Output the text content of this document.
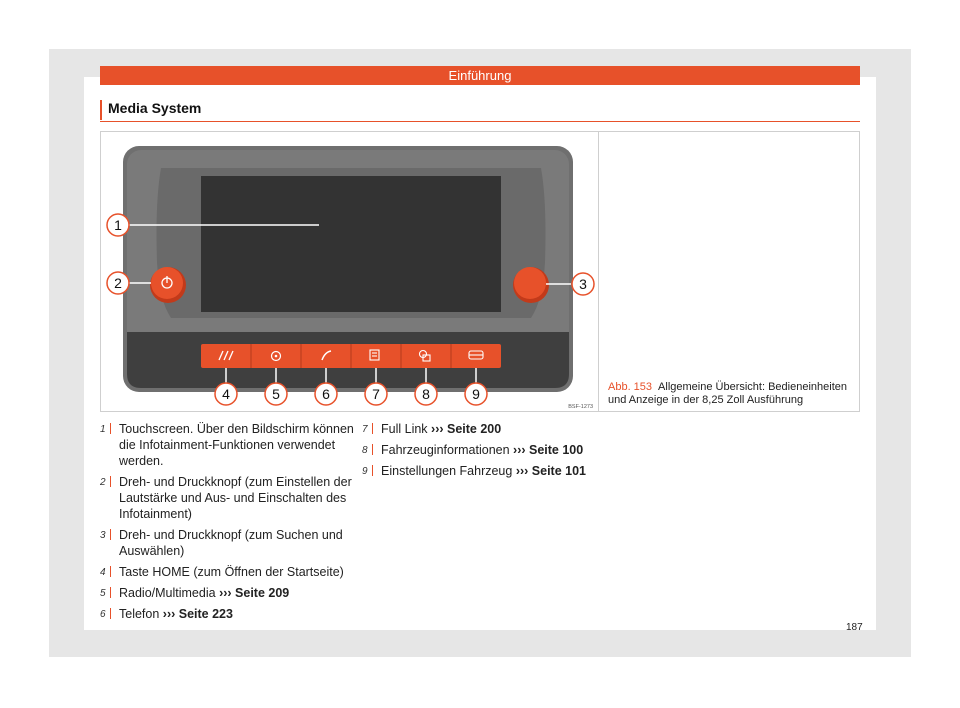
Einführung
Media System
1
2	3
4	5	6	7	8	9
BSF-1273
Abb. 153 Allgemeine Übersicht: Bedieneinheiten und Anzeige in der 8,25 Zoll Ausführung
1 Touchscreen. Über den Bildschirm können die Infotainment-Funktionen verwendet werden.
2 Dreh- und Druckknopf (zum Einstellen der Lautstärke und Aus- und Einschalten des Infotainment)
3 Dreh- und Druckknopf (zum Suchen und Auswählen)
4 Taste HOME (zum Öffnen der Startseite)
5 Radio/Multimedia ››› Seite 209
6 Telefon ››› Seite 223
7 Full Link ››› Seite 200
8 Fahrzeuginformationen ››› Seite 100
9 Einstellungen Fahrzeug ››› Seite 101
187
